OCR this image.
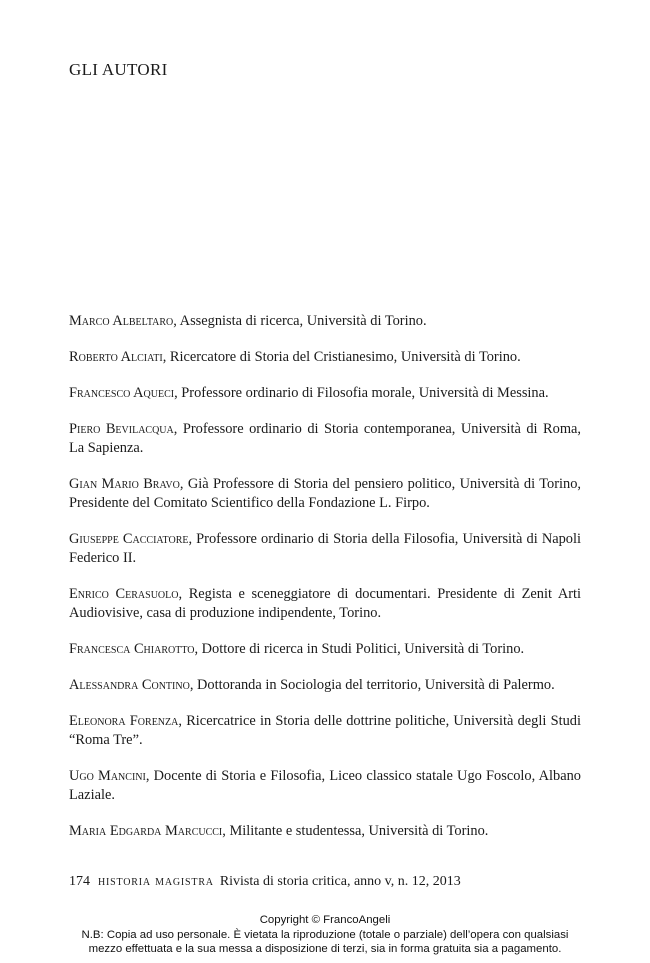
GLI AUTORI

Marco Albeltaro, Assegnista di ricerca, Università di Torino.

Roberto Alciati, Ricercatore di Storia del Cristianesimo, Università di Torino.

Francesco Aqueci, Professore ordinario di Filosofia morale, Università di Messina.

Piero Bevilacqua, Professore ordinario di Storia contemporanea, Università di Roma, La Sapienza.

Gian Mario Bravo, Già Professore di Storia del pensiero politico, Università di Torino, Presidente del Comitato Scientifico della Fondazione L. Firpo.

Giuseppe Cacciatore, Professore ordinario di Storia della Filosofia, Università di Napoli Federico II.

Enrico Cerasuolo, Regista e sceneggiatore di documentari. Presidente di Zenit Arti Audiovisive, casa di produzione indipendente, Torino.

Francesca Chiarotto, Dottore di ricerca in Studi Politici, Università di Torino.

Alessandra Contino, Dottoranda in Sociologia del territorio, Università di Palermo.

Eleonora Forenza, Ricercatrice in Storia delle dottrine politiche, Università degli Studi “Roma Tre”.

Ugo Mancini, Docente di Storia e Filosofia, Liceo classico statale Ugo Foscolo, Albano Laziale.

Maria Edgarda Marcucci, Militante e studentessa, Università di Torino.

174 historia magistra Rivista di storia critica, anno v, n. 12, 2013
Copyright © FrancoAngeli
N.B: Copia ad uso personale. È vietata la riproduzione (totale o parziale) dell’opera con qualsiasi
mezzo effettuata e la sua messa a disposizione di terzi, sia in forma gratuita sia a pagamento.
